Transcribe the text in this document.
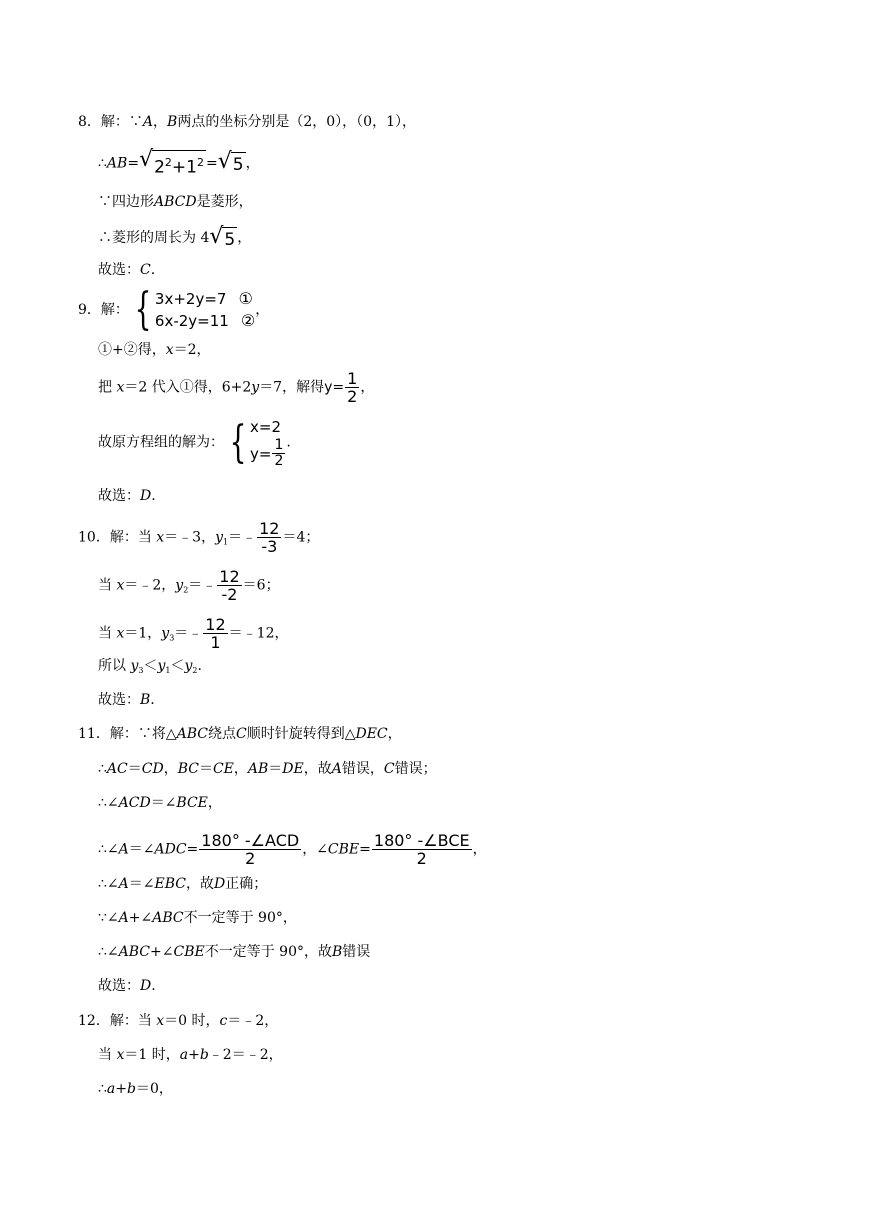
8．解：∵A，B两点的坐标分别是（2，0），（0，1），
∴AB= √ $2^2+1^2$ = √ 5 ，
∵四边形ABCD是菱形，
∴菱形的周长为 4 √ 5 ，
故选：C.
9．解： { 3x+2y=7 ①
6x-2y=11 ②
，
①+②得，x＝2，
把 x＝2 代入①得，6+2y＝7，解得$y= \frac{1}{2}$ ，
故原方程组的解为： { x=2
$y= \frac{1}{2}$ .
故选：D.
10．解：当 x＝﹣3，$y_1=﹣ \frac{12}{-3} =4$；
当 x＝﹣2，$y_2=﹣ \frac{12}{-2} =6$；
当 x＝1，$y_3=﹣ \frac{12}{1}$ ＝﹣12，
所以 $y_3<y_1<y_2$.
故选：B.
11．解：∵将△ABC绕点C顺时针旋转得到△DEC，
∴AC＝CD，BC＝CE，AB＝DE，故A错误，C错误；
∴∠ACD＝∠BCE，
∴∠A＝∠ADC= $\frac{\text{180° -∠ACD}}{2}$ ，∠CBE= $\frac{\text{180° -∠BCE}}{2}$ ，
∴∠A＝∠EBC，故D正确；
∵∠A+∠ABC不一定等于 90°，
∴∠ABC+∠CBE不一定等于 90°，故B错误
故选：D.
12．解：当 x＝0 时，c＝﹣2，
当 x＝1 时，a+b﹣2＝﹣2，
∴a+b＝0，
